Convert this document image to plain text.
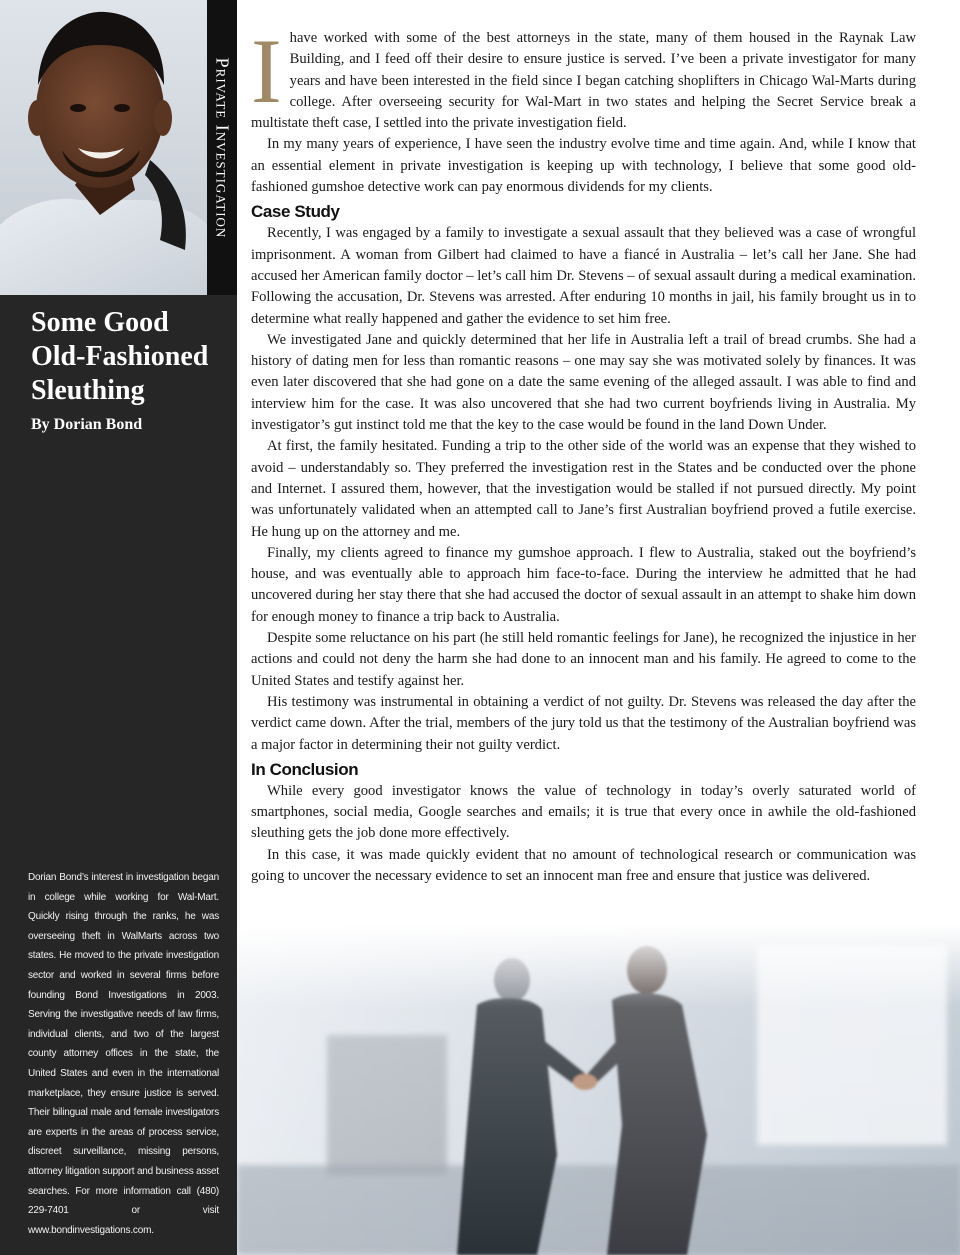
Private Investigation
Some Good
Old-Fashioned
Sleuthing
By Dorian Bond
Dorian Bond’s interest in investigation began in college while working for Wal-Mart. Quickly rising through the ranks, he was overseeing theft in WalMarts across two states. He moved to the private investigation sector and worked in several firms before founding Bond Investigations in 2003. Serving the investigative needs of law firms, individual clients, and two of the largest county attorney offices in the state, the United States and even in the international marketplace, they ensure justice is served. Their bilingual male and female investigators are experts in the areas of process service, discreet surveillance, missing persons, attorney litigation support and business asset searches. For more information call (480) 229-7401 or visit www.bondinvestigations.com.
I have worked with some of the best attorneys in the state, many of them housed in the Raynak Law Building, and I feed off their desire to ensure justice is served. I’ve been a private investigator for many years and have been interested in the field since I began catching shoplifters in Chicago Wal-Marts during college. After overseeing security for Wal-Mart in two states and helping the Secret Service break a multistate theft case, I settled into the private investigation field.

In my many years of experience, I have seen the industry evolve time and time again. And, while I know that an essential element in private investigation is keeping up with technology, I believe that some good old-fashioned gumshoe detective work can pay enormous dividends for my clients.

Case Study

Recently, I was engaged by a family to investigate a sexual assault that they believed was a case of wrongful imprisonment. A woman from Gilbert had claimed to have a fiancé in Australia – let’s call her Jane. She had accused her American family doctor – let’s call him Dr. Stevens – of sexual assault during a medical examination. Following the accusation, Dr. Stevens was arrested. After enduring 10 months in jail, his family brought us in to determine what really happened and gather the evidence to set him free.

We investigated Jane and quickly determined that her life in Australia left a trail of bread crumbs. She had a history of dating men for less than romantic reasons – one may say she was motivated solely by finances. It was even later discovered that she had gone on a date the same evening of the alleged assault. I was able to find and interview him for the case. It was also uncovered that she had two current boyfriends living in Australia. My investigator’s gut instinct told me that the key to the case would be found in the land Down Under.

At first, the family hesitated. Funding a trip to the other side of the world was an expense that they wished to avoid – understandably so. They preferred the investigation rest in the States and be conducted over the phone and Internet. I assured them, however, that the investigation would be stalled if not pursued directly. My point was unfortunately validated when an attempted call to Jane’s first Australian boyfriend proved a futile exercise. He hung up on the attorney and me.

Finally, my clients agreed to finance my gumshoe approach. I flew to Australia, staked out the boyfriend’s house, and was eventually able to approach him face-to-face. During the interview he admitted that he had uncovered during her stay there that she had accused the doctor of sexual assault in an attempt to shake him down for enough money to finance a trip back to Australia.

Despite some reluctance on his part (he still held romantic feelings for Jane), he recognized the injustice in her actions and could not deny the harm she had done to an innocent man and his family. He agreed to come to the United States and testify against her.

His testimony was instrumental in obtaining a verdict of not guilty. Dr. Stevens was released the day after the verdict came down. After the trial, members of the jury told us that the testimony of the Australian boyfriend was a major factor in determining their not guilty verdict.

In Conclusion

While every good investigator knows the value of technology in today’s overly saturated world of smartphones, social media, Google searches and emails; it is true that every once in awhile the old-fashioned sleuthing gets the job done more effectively.

In this case, it was made quickly evident that no amount of technological research or communication was going to uncover the necessary evidence to set an innocent man free and ensure that justice was delivered.
